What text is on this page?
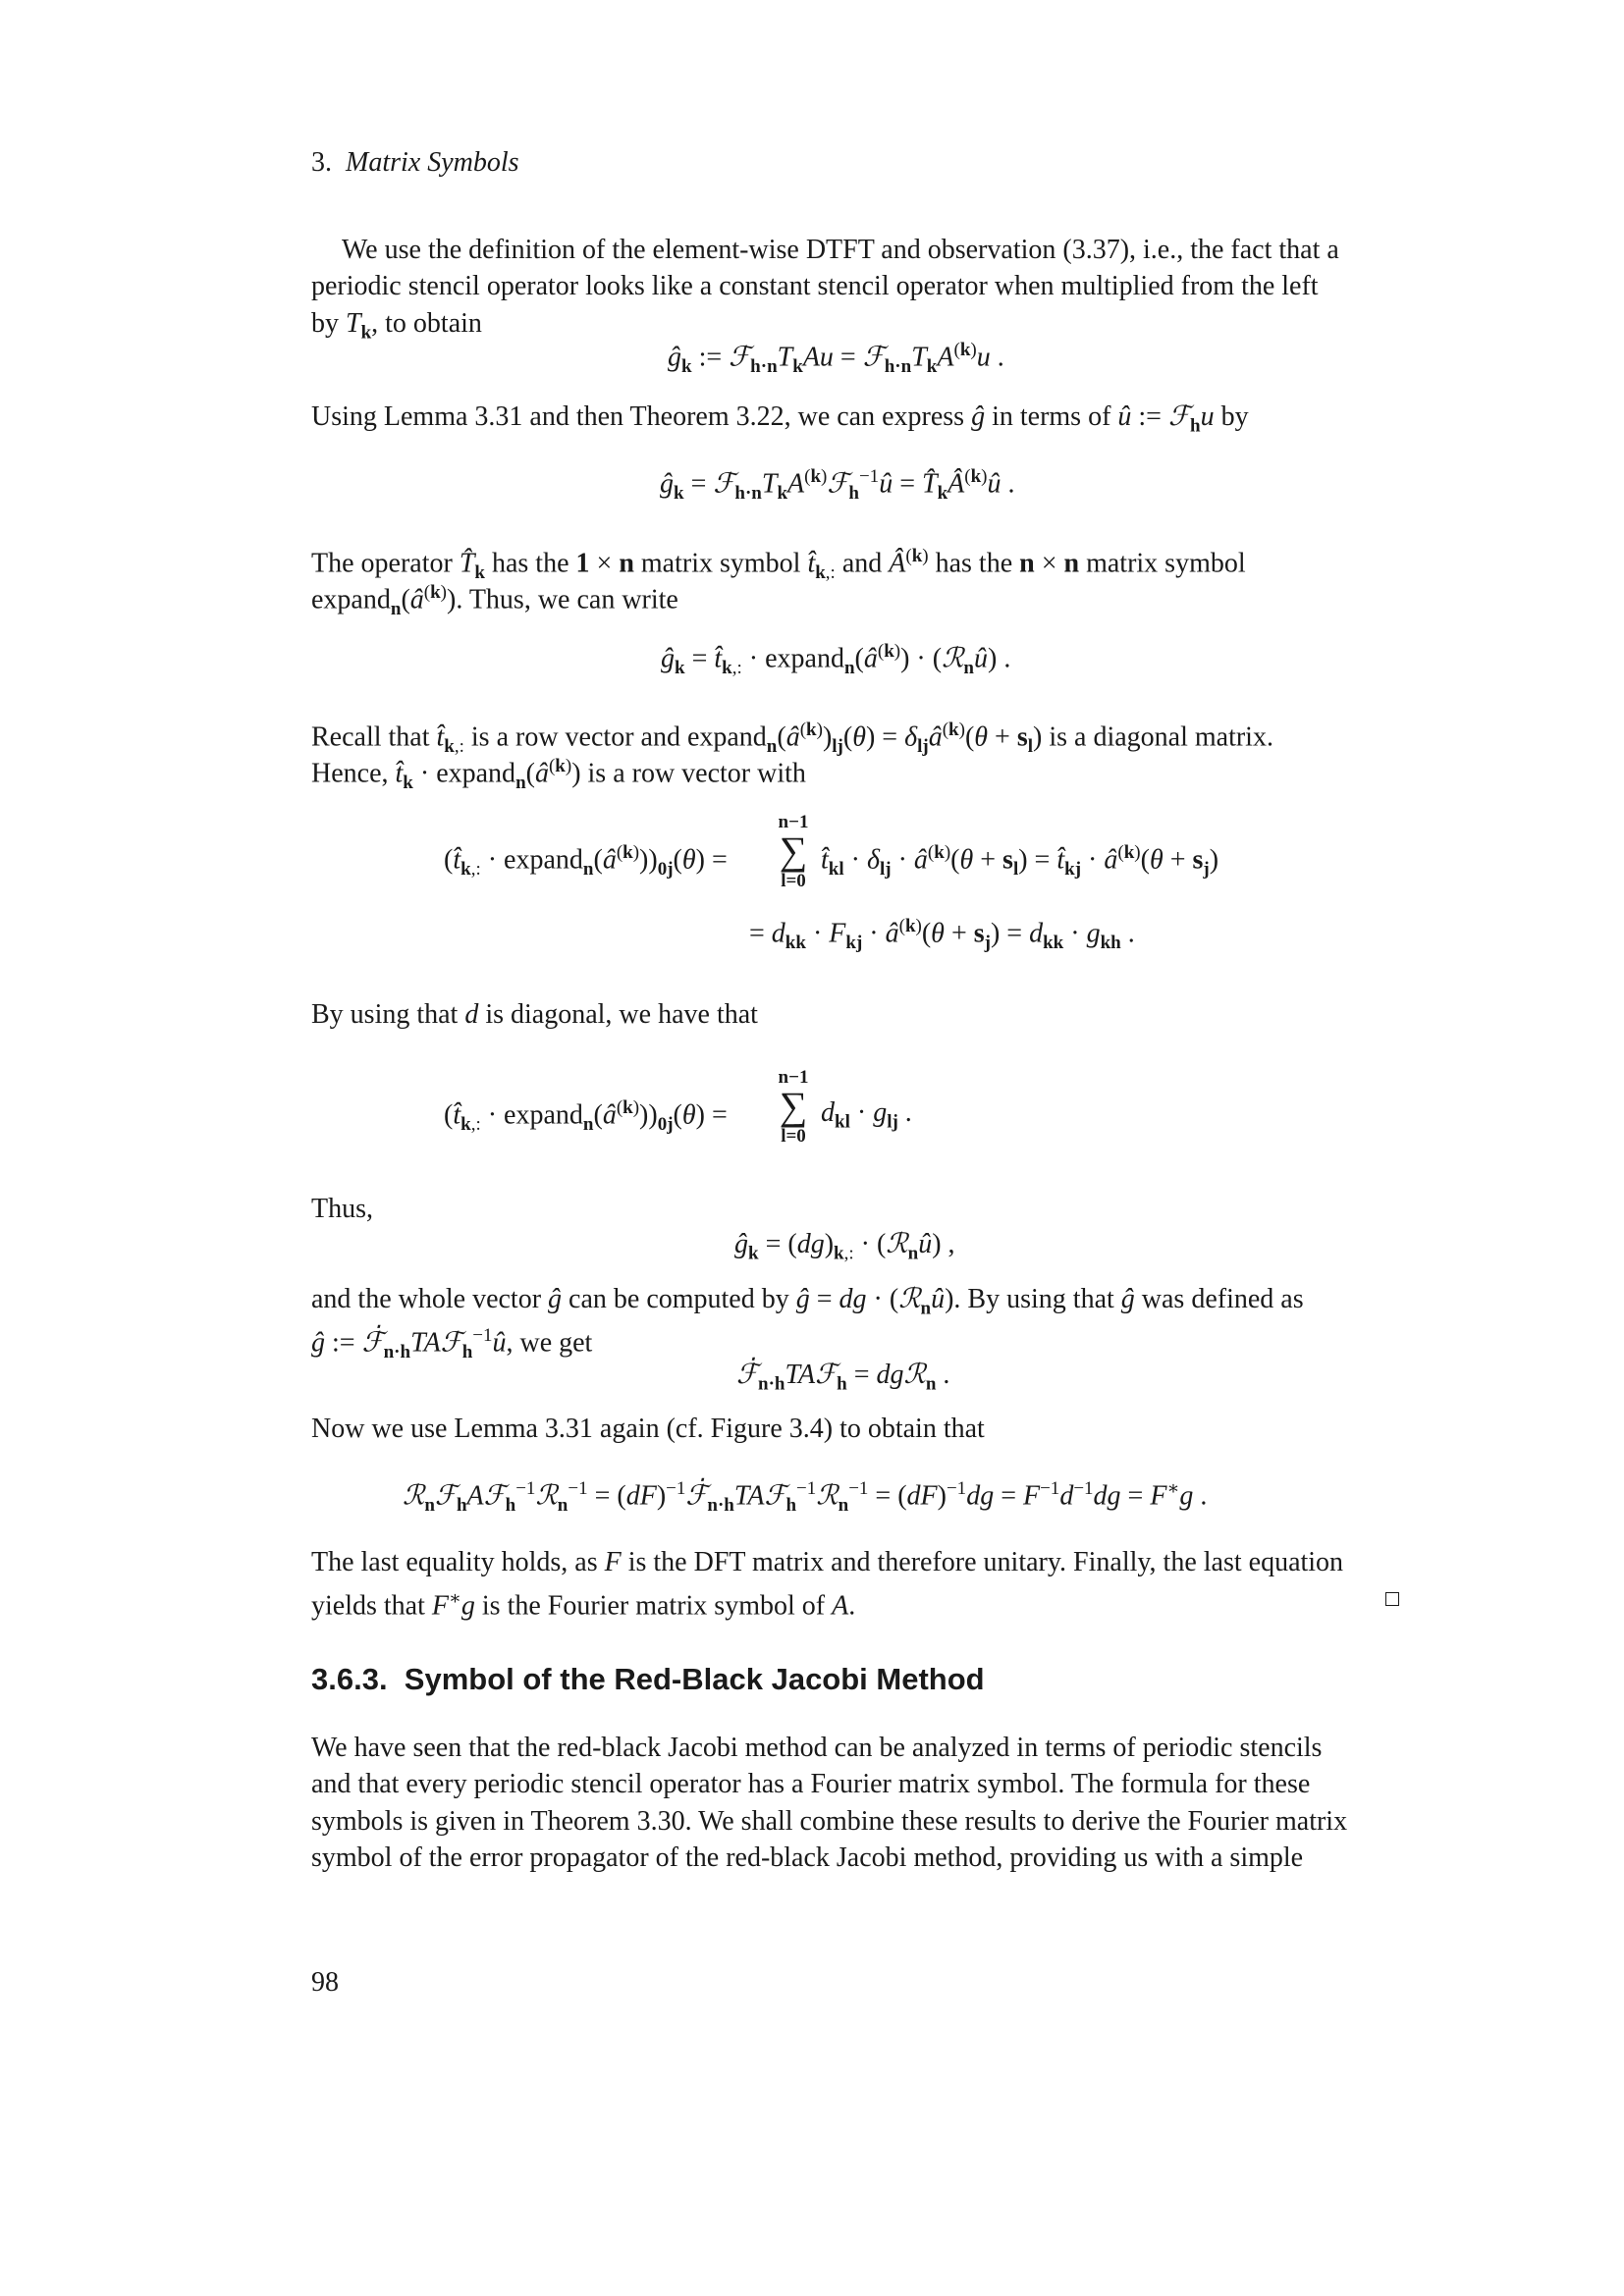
3. Matrix Symbols
We use the definition of the element-wise DTFT and observation (3.37), i.e., the fact that a
periodic stencil operator looks like a constant stencil operator when multiplied from the left
by $T_k$, to obtain
$ĝ_k$ := $ℱ_{h\cdot n}T_kAu$ = $ℱ_{h\cdot n}T_kA^{(k)}u$ .
Using Lemma 3.31 and then Theorem 3.22, we can express ĝ in terms of û := ℱ$_h$u by
$ĝ_k$ = $ℱ_{h\cdot n}T_kA^{(k)}ℱ_h^{-1}û$ = $T̂_kÂ^{(k)}û$ .
The operator $T̂_k$ has the 1 × n matrix symbol $t̂_{k,:}$ and $Â^{(k)}$ has the n × n matrix symbol
$expand_n(â^{(k)})$. Thus, we can write
$ĝ_k$ = $t̂_{k,:}$ · $expand_n(â^{(k)})$ · (ℛ$_n$û) .
Recall that $t̂_{k,:}$ is a row vector and $expand_n(â^{(k)})_{lj}(\theta)$ = $\delta_{lj}â^{(k)}(\theta + s_l)$ is a diagonal matrix.
Hence, $t̂_k$ · $expand_n(â^{(k)})$ is a row vector with
($t̂_{k,:}$ · $expand_n(â^{(k)}))_{0j}(\theta)$ =
n−1
∑
l=0
$t̂_{kl} \cdot \delta_{lj}$ · $â^{(k)}(\theta + s_l)$ = $t̂_{kj}$ · $â^{(k)}(\theta + s_j)$
= $d_{kk} \cdot F_{kj}$ · $â^{(k)}(\theta + s_j) = d_{kk} \cdot g_{kh}$ .
By using that d is diagonal, we have that
($t̂_{k,:}$ · $expand_n(â^{(k)}))_{0j}(\theta)$ =
n−1
∑
l=0
$d_{kl} \cdot g_{lj}$ .
Thus,
$ĝ_k = (dg)_{k,:}$ · (ℛ$_n$û) ,
and the whole vector ĝ can be computed by ĝ = dg · (ℛ$_n$û). By using that ĝ was defined as
ĝ := $ℱ̇_{n\cdot h}TAℱ_h^{-1}û$, we get
$ℱ̇_{n\cdot h}TAℱ_h$ = dgℛ$_n$ .
Now we use Lemma 3.31 again (cf. Figure 3.4) to obtain that
ℛ$_n$ℱ$_h$Aℱ$_h^{-1}$ℛ$_n^{-1}$ = $(dF)^{-1}ℱ̇_{n\cdot h}TAℱ_h^{-1}ℛ_n^{-1} = (dF)^{-1}dg = F^{-1}d^{-1}dg = F^∗g$ .
The last equality holds, as F is the DFT matrix and therefore unitary. Finally, the last equation
yields that F∗g is the Fourier matrix symbol of A.
3.6.3. Symbol of the Red-Black Jacobi Method
We have seen that the red-black Jacobi method can be analyzed in terms of periodic stencils
and that every periodic stencil operator has a Fourier matrix symbol. The formula for these
symbols is given in Theorem 3.30. We shall combine these results to derive the Fourier matrix
symbol of the error propagator of the red-black Jacobi method, providing us with a simple
98
